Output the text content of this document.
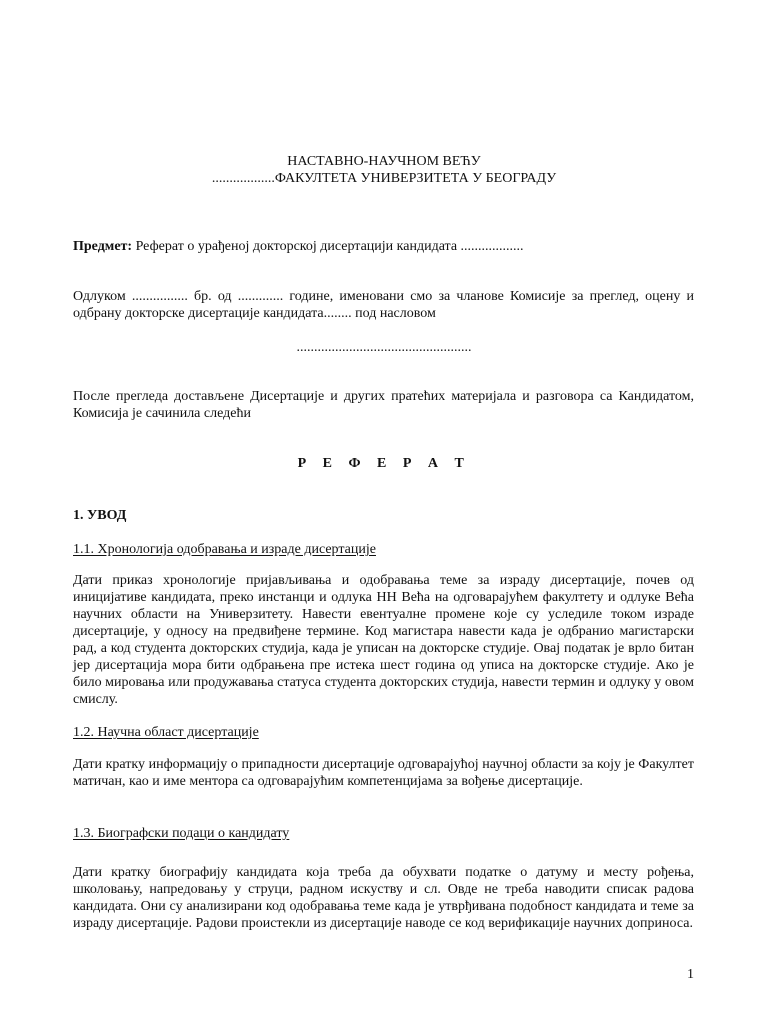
НАСТАВНО-НАУЧНОМ ВЕЋУ
..................ФАКУЛТЕТА УНИВЕРЗИТЕТА У БЕОГРАДУ
Предмет: Реферат о урађеној докторској дисертацији кандидата ..................
Одлуком ................ бр. од ............. године, именовани смо за чланове Комисије за преглед, оцену и одбрану докторске дисертације кандидата........ под насловом
..................................................
После прегледа достављене Дисертације и других пратећих материјала и разговора са Кандидатом, Комисија је сачинила следећи
Р Е Ф Е Р А Т
1. УВОД
1.1. Хронологија одобравања и израде дисертације
Дати приказ хронологије пријављивања и одобравања теме за израду дисертације, почев од иницијативе кандидата, преко инстанци и одлука НН Већа на одговарајућем факултету и одлуке Већа научних области на Универзитету. Навести евентуалне промене које су уследиле током израде дисертације, у односу на предвиђене термине. Код магистара навести када је одбранио магистарски рад, а код студента докторских студија, када је уписан на докторске студије. Овај податак је врло битан јер дисертација мора бити одбрањена пре истека шест година од уписа на докторске студије. Ако је било мировања или продужавања статуса студента докторских студија, навести термин и одлуку у овом смислу.
1.2. Научна област дисертације
Дати кратку информацију о припадности дисертације одговарајућој научној области за коју је Факултет матичан, као и име ментора са одговарајућим компетенцијама за вођење дисертације.
1.3. Биографски подаци о кандидату
Дати кратку биографију кандидата која треба да обухвати податке о датуму и месту рођења, школовању, напредовању у струци, радном искуству и сл. Овде не треба наводити списак радова кандидата. Они су анализирани код одобравања теме када је утврђивана подобност кандидата и теме за израду дисертације. Радови проистекли из дисертације наводе се код верификације научних доприноса.
1
